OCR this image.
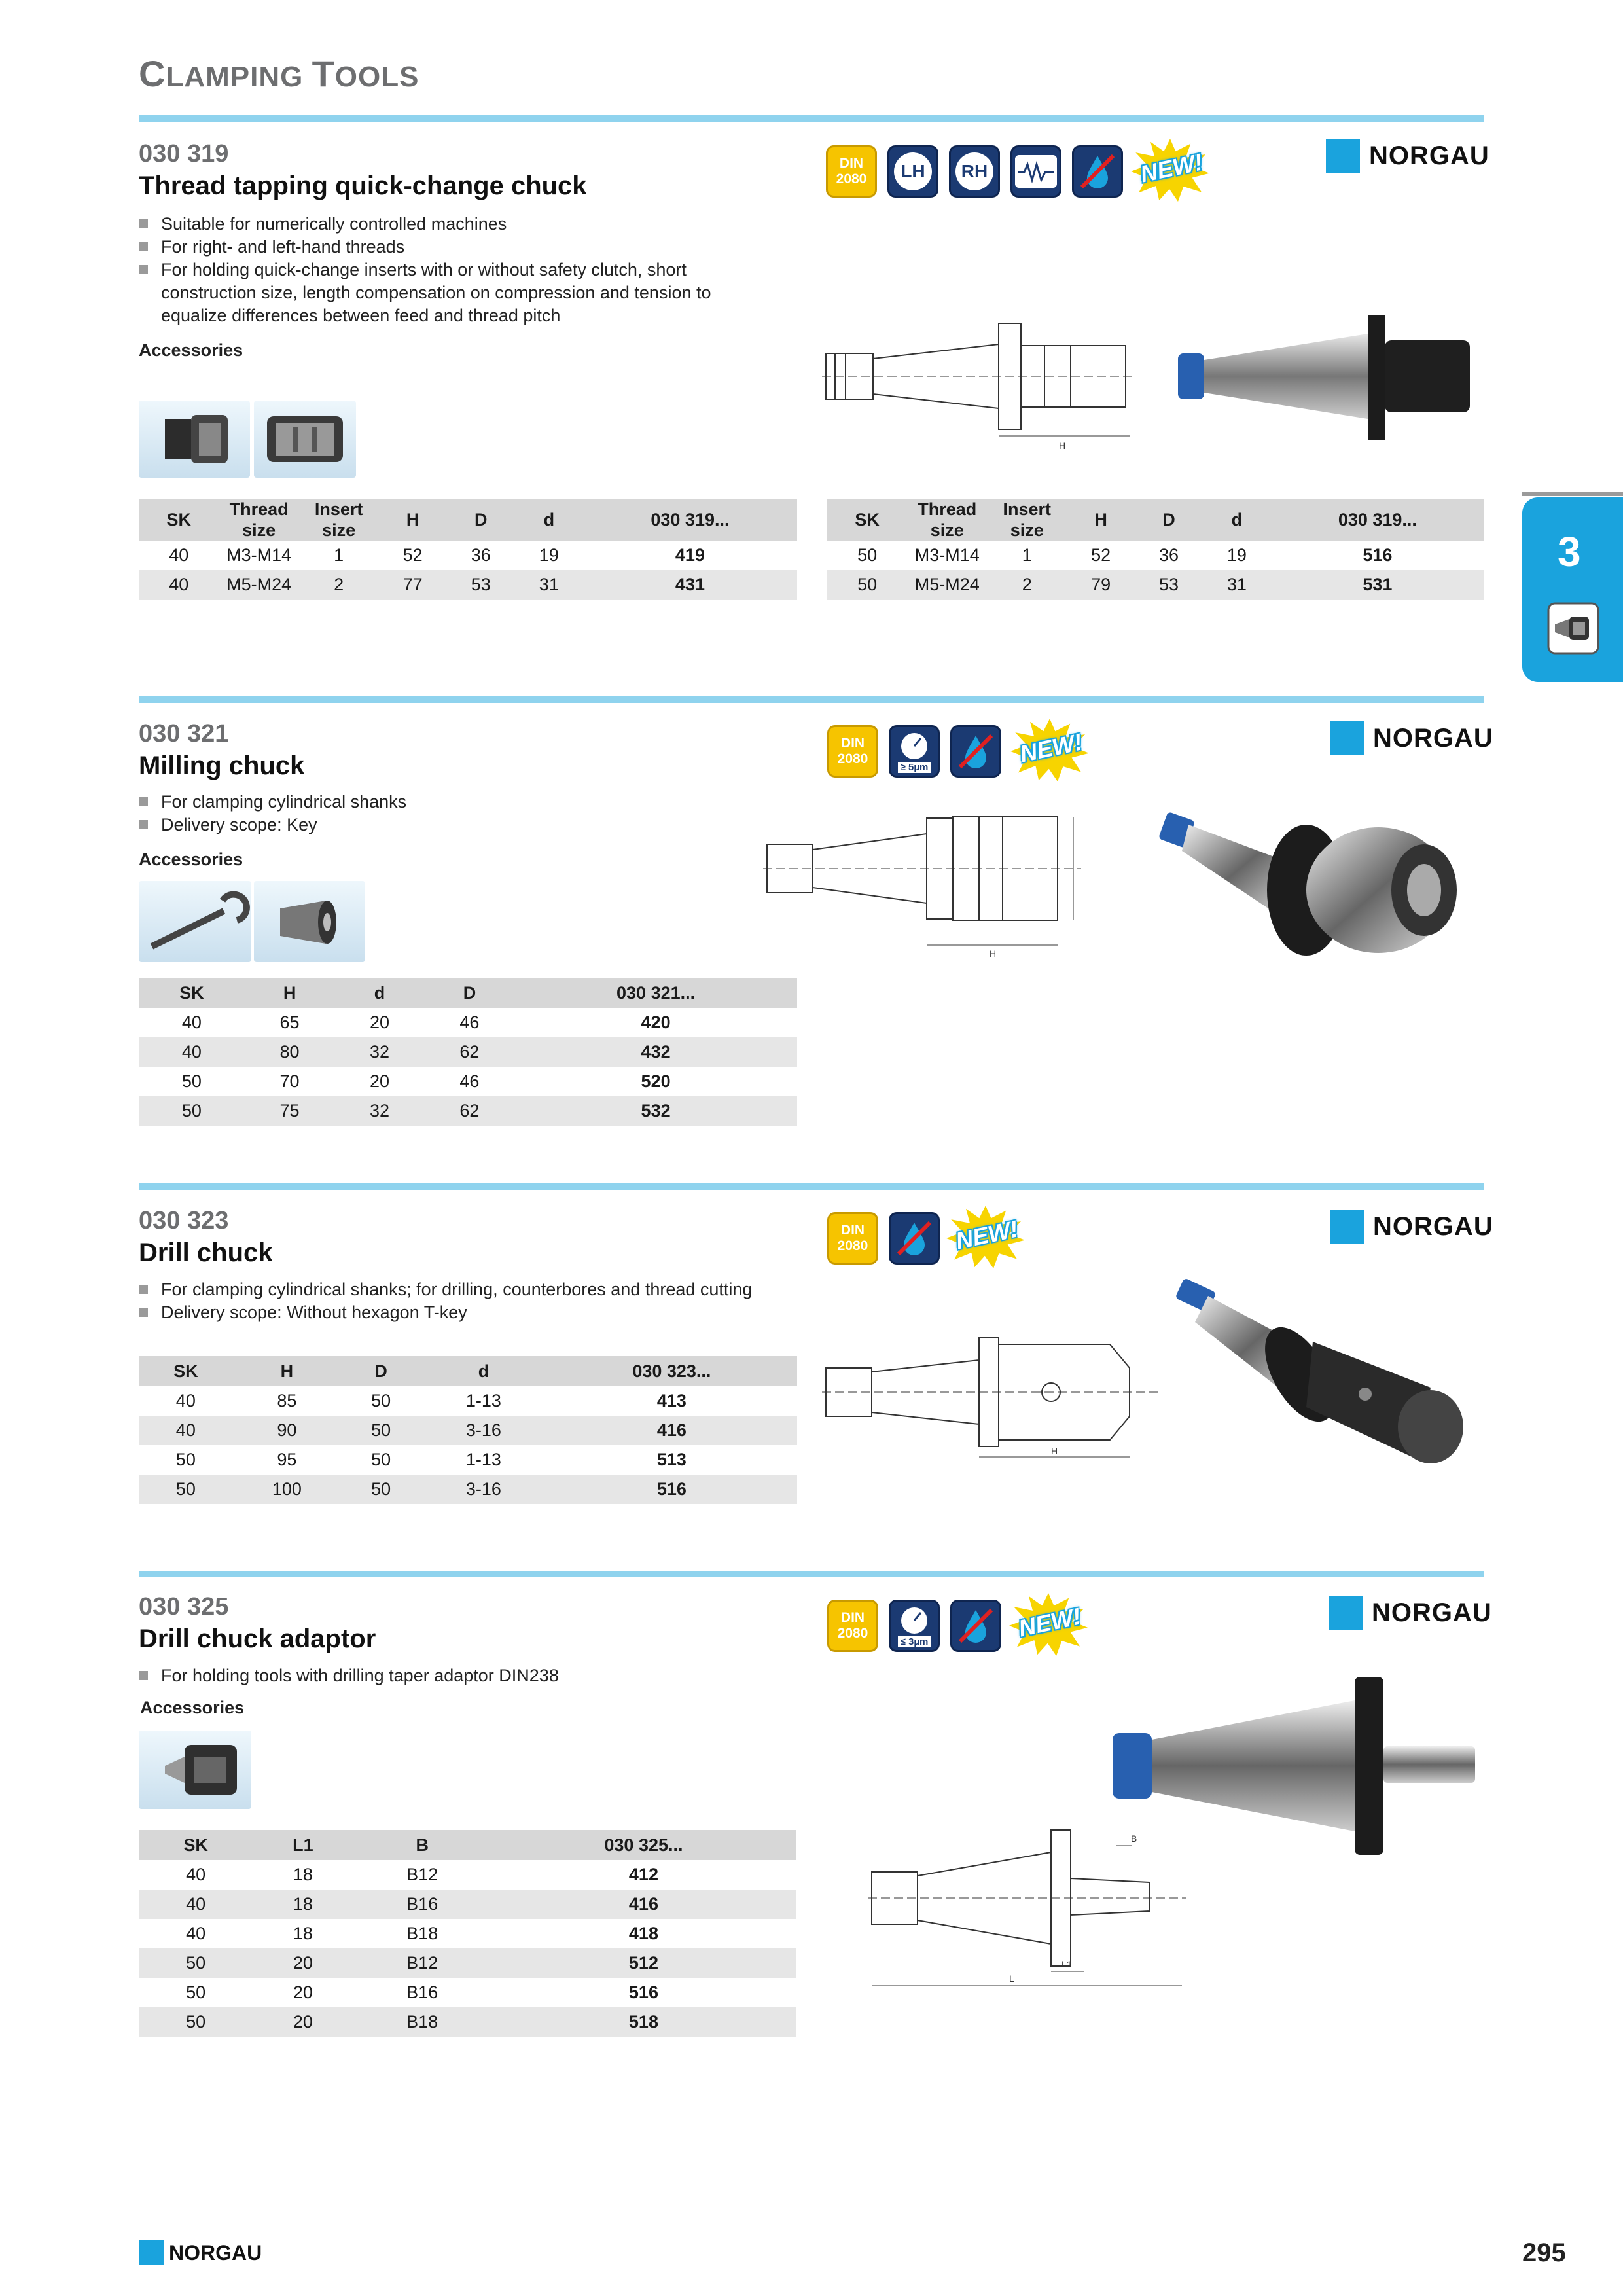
CLAMPING TOOLS
3
030 319
Thread tapping quick-change chuck
Suitable for numerically controlled machines
For right- and left-hand threads
For holding quick-change inserts with or without safety clutch, short construction size, length compensation on compression and tension to equalize differences between feed and thread pitch
Accessories
DIN
2080	LH	RH	NEW!	NORGAU
H
SK	Thread size	Insert size	H	D	d	030 319...
40	M3-M14	1	52	36	19	419
40	M5-M24	2	77	53	31	431
SK	Thread size	Insert size	H	D	d	030 319...
50	M3-M14	1	52	36	19	516
50	M5-M24	2	79	53	31	531
030 321
Milling chuck
For clamping cylindrical shanks
Delivery scope: Key
Accessories
DIN
2080
≥ 5µm	NEW!	NORGAU
H
SK	H	d	D	030 321...
40	65	20	46	420
40	80	32	62	432
50	70	20	46	520
50	75	32	62	532
030 323
Drill chuck
For clamping cylindrical shanks; for drilling, counterbores and thread cutting
Delivery scope: Without hexagon T-key
DIN
2080	NEW!	NORGAU
H
SK	H	D	d	030 323...
40	85	50	1-13	413
40	90	50	3-16	416
50	95	50	1-13	513
50	100	50	3-16	516
030 325
Drill chuck adaptor
For holding tools with drilling taper adaptor DIN238
Accessories
DIN
2080
≤ 3µm	NEW!	NORGAU
L
L1
B
SK	L1	B	030 325...
40	18	B12	412
40	18	B16	416
40	18	B18	418
50	20	B12	512
50	20	B16	516
50	20	B18	518
NORGAU	295
